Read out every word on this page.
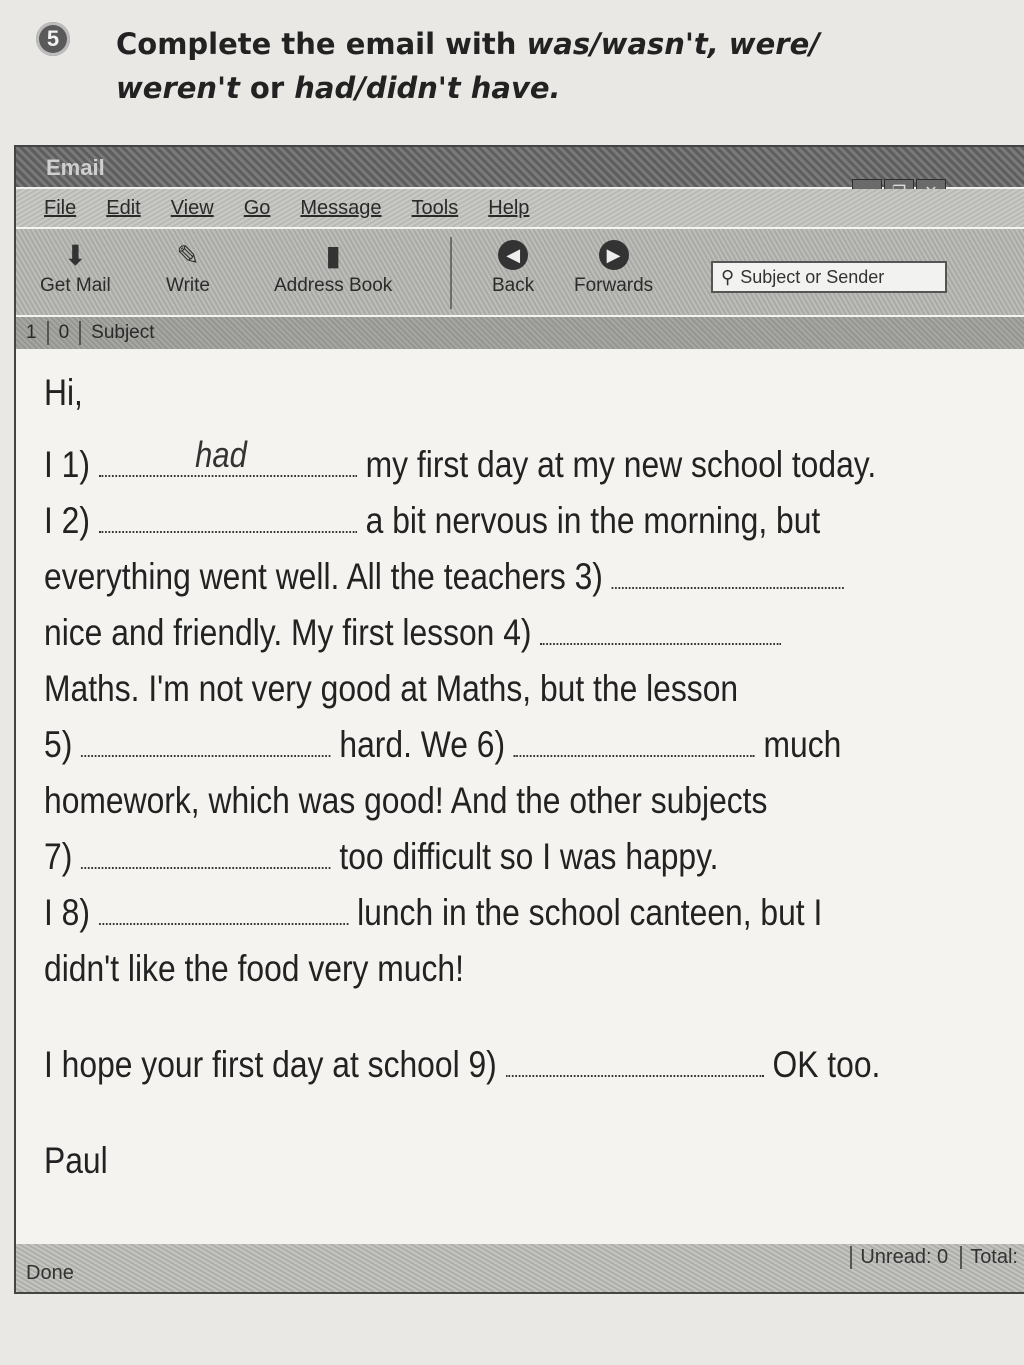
5	Complete the email with was/wasn't, were/
weren't or had/didn't have.
Email
File Edit View Go Message Tools Help
⬇
Get Mail
✎
Write
▮
Address Book
◀
Back
▶
Forwards	⚲ Subject or Sender
1	0	Subject
Hi,
I 1)	had	my first day at my new school today.
I 2)	a bit nervous in the morning, but
everything went well. All the teachers 3)
nice and friendly. My first lesson 4)
Maths. I'm not very good at Maths, but the lesson
5)	hard. We 6)	much
homework, which was good! And the other subjects
7)	too difficult so I was happy.
I 8)	lunch in the school canteen, but I
didn't like the food very much!
I hope your first day at school 9)	OK too.
Paul
Done
Unread: 0	Total:
